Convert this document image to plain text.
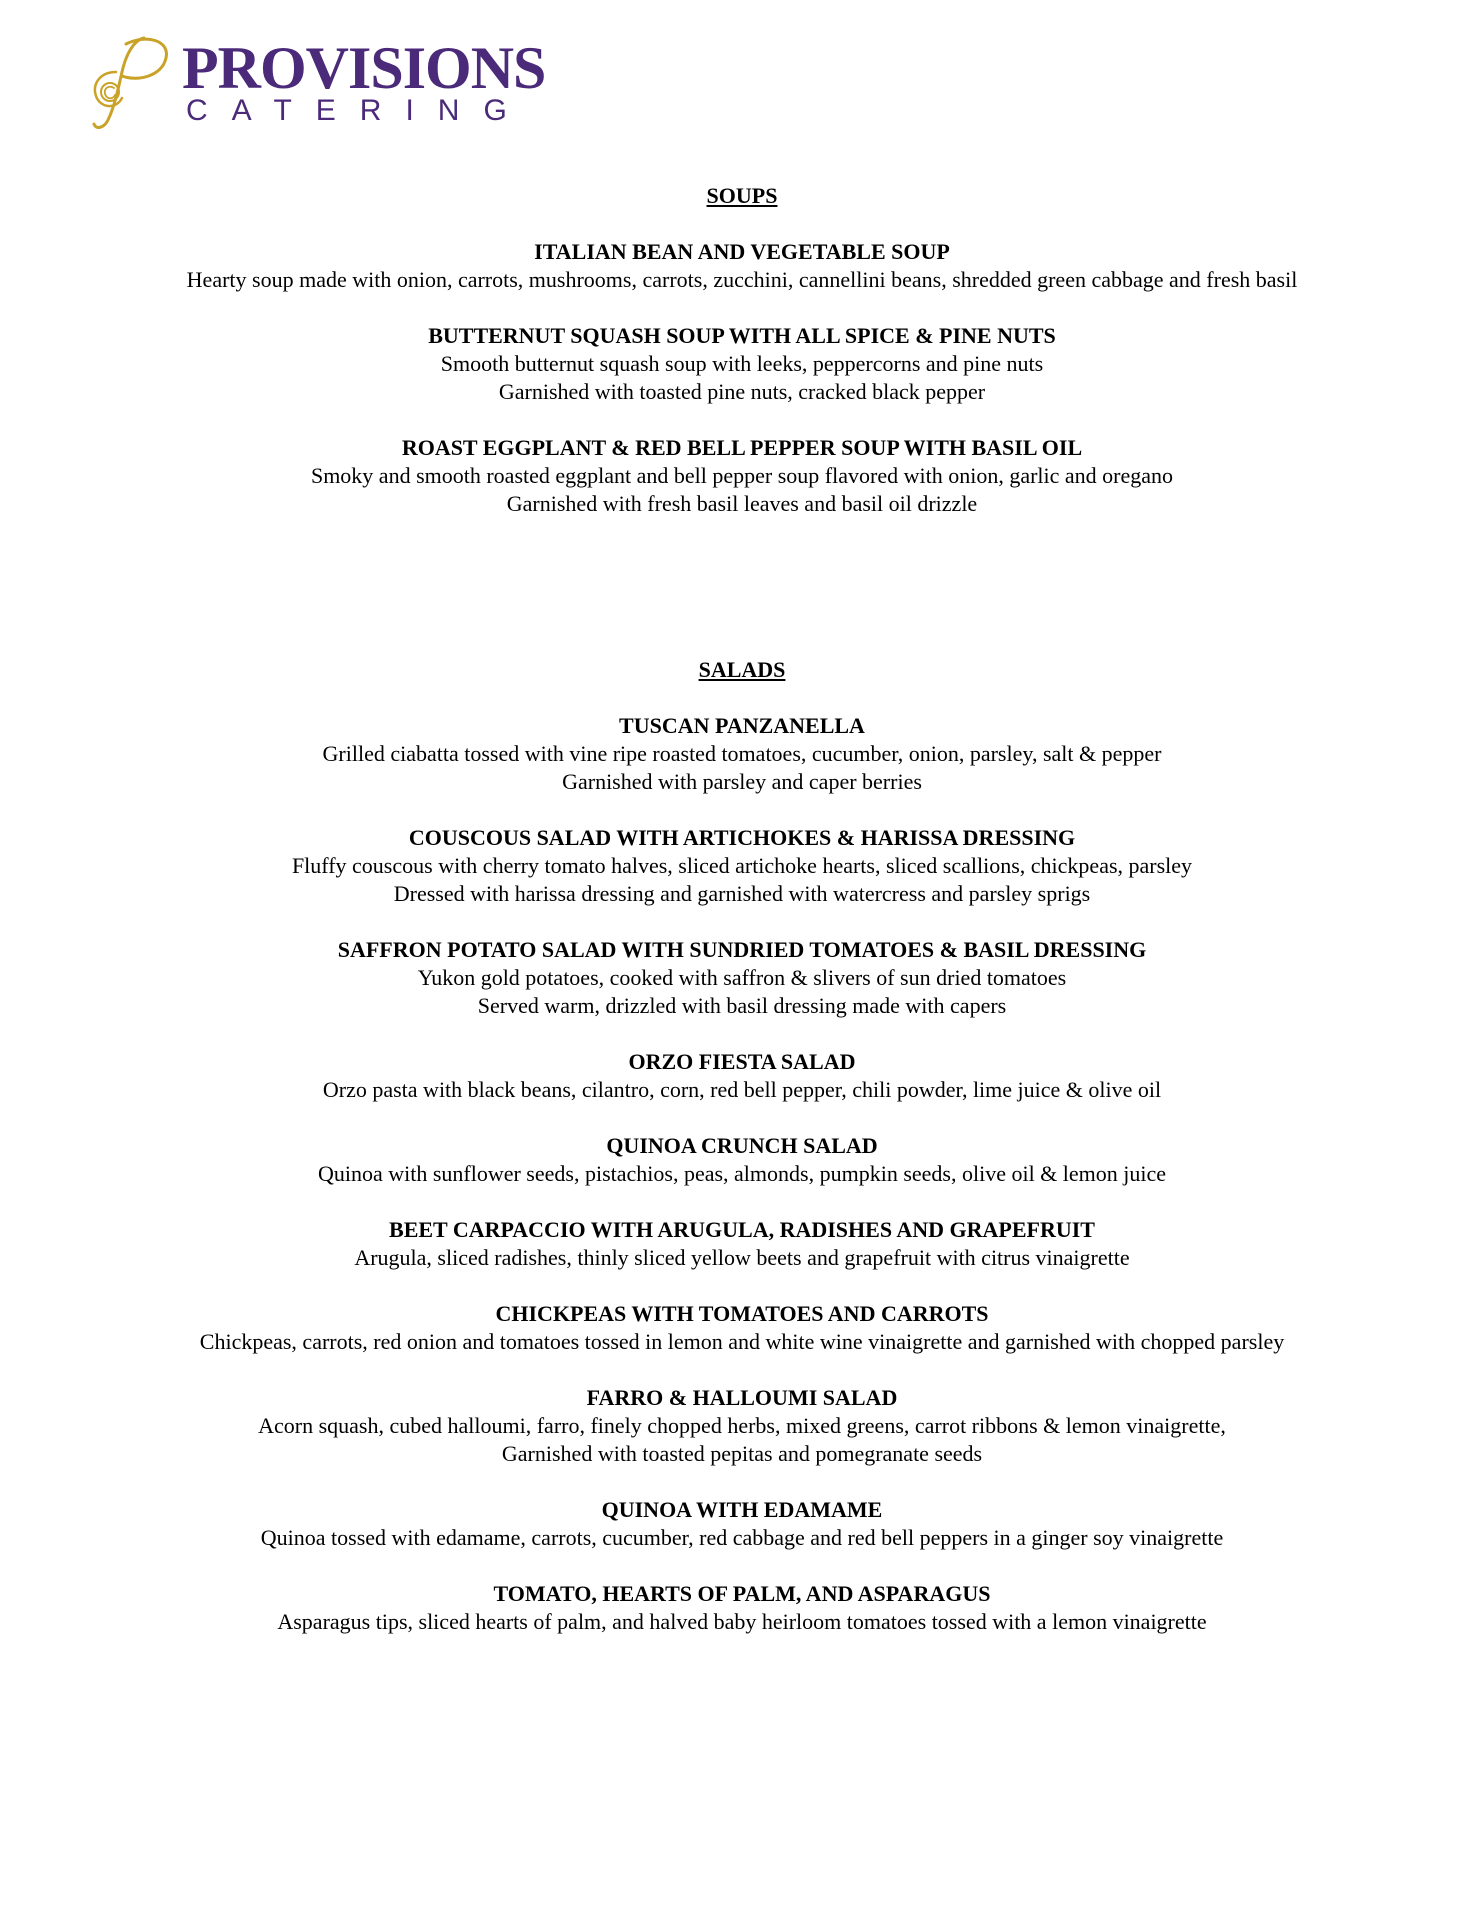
PROVISIONS
CATERING
SOUPS
ITALIAN BEAN AND VEGETABLE SOUP
Hearty soup made with onion, carrots, mushrooms, carrots, zucchini, cannellini beans, shredded green cabbage and fresh basil
BUTTERNUT SQUASH SOUP WITH ALL SPICE & PINE NUTS
Smooth butternut squash soup with leeks, peppercorns and pine nuts
Garnished with toasted pine nuts, cracked black pepper
ROAST EGGPLANT & RED BELL PEPPER SOUP WITH BASIL OIL
Smoky and smooth roasted eggplant and bell pepper soup flavored with onion, garlic and oregano
Garnished with fresh basil leaves and basil oil drizzle
SALADS
TUSCAN PANZANELLA
Grilled ciabatta tossed with vine ripe roasted tomatoes, cucumber, onion, parsley, salt & pepper
Garnished with parsley and caper berries
COUSCOUS SALAD WITH ARTICHOKES & HARISSA DRESSING
Fluffy couscous with cherry tomato halves, sliced artichoke hearts, sliced scallions, chickpeas, parsley
Dressed with harissa dressing and garnished with watercress and parsley sprigs
SAFFRON POTATO SALAD WITH SUNDRIED TOMATOES & BASIL DRESSING
Yukon gold potatoes, cooked with saffron & slivers of sun dried tomatoes
Served warm, drizzled with basil dressing made with capers
ORZO FIESTA SALAD
Orzo pasta with black beans, cilantro, corn, red bell pepper, chili powder, lime juice & olive oil
QUINOA CRUNCH SALAD
Quinoa with sunflower seeds, pistachios, peas, almonds, pumpkin seeds, olive oil & lemon juice
BEET CARPACCIO WITH ARUGULA, RADISHES AND GRAPEFRUIT
Arugula, sliced radishes, thinly sliced yellow beets and grapefruit with citrus vinaigrette
CHICKPEAS WITH TOMATOES AND CARROTS
Chickpeas, carrots, red onion and tomatoes tossed in lemon and white wine vinaigrette and garnished with chopped parsley
FARRO & HALLOUMI SALAD
Acorn squash, cubed halloumi, farro, finely chopped herbs, mixed greens, carrot ribbons & lemon vinaigrette,
Garnished with toasted pepitas and pomegranate seeds
QUINOA WITH EDAMAME
Quinoa tossed with edamame, carrots, cucumber, red cabbage and red bell peppers in a ginger soy vinaigrette
TOMATO, HEARTS OF PALM, AND ASPARAGUS
Asparagus tips, sliced hearts of palm, and halved baby heirloom tomatoes tossed with a lemon vinaigrette
